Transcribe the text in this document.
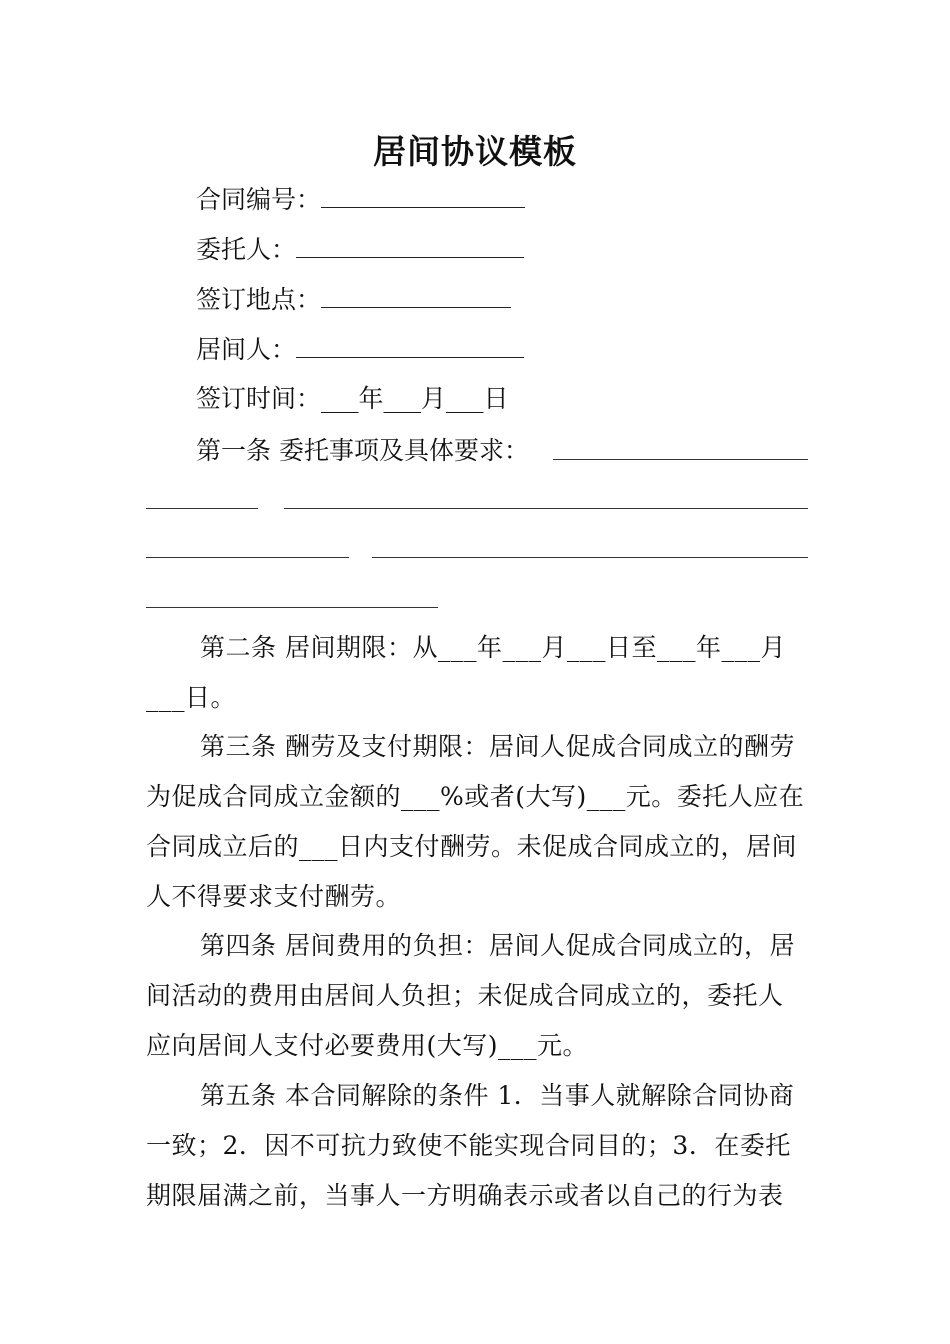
居间协议模板
合同编号：
委托人：
签订地点：
居间人：
签订时间：___年___月___日
第一条 委托事项及具体要求：
第二条 居间期限：从___年___月___日至___年___月___日。
第三条 酬劳及支付期限：居间人促成合同成立的酬劳为促成合同成立金额的___%或者(大写)___元。委托人应在合同成立后的___日内支付酬劳。未促成合同成立的，居间人不得要求支付酬劳。
第四条 居间费用的负担：居间人促成合同成立的，居间活动的费用由居间人负担；未促成合同成立的，委托人应向居间人支付必要费用(大写)___元。
第五条 本合同解除的条件 1．当事人就解除合同协商一致；2．因不可抗力致使不能实现合同目的；3．在委托期限届满之前，当事人一方明确表示或者以自己的行为表
